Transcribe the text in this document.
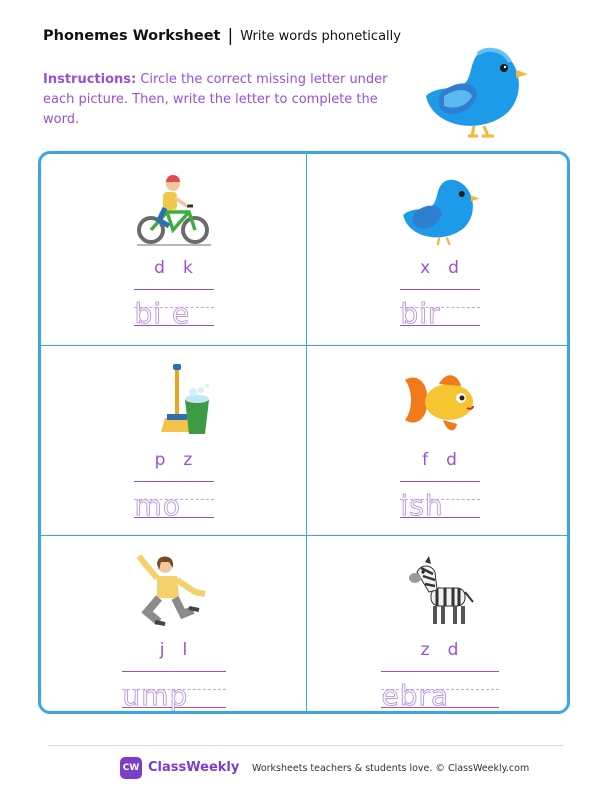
Phonemes Worksheet | Write words phonetically
Instructions: Circle the correct missing letter under each picture. Then, write the letter to complete the word.
d k
bi e
x d
bir
p z
mo
f d
ish
j l
ump
z d
ebra
CW ClassWeekly Worksheets teachers & students love. © ClassWeekly.com
